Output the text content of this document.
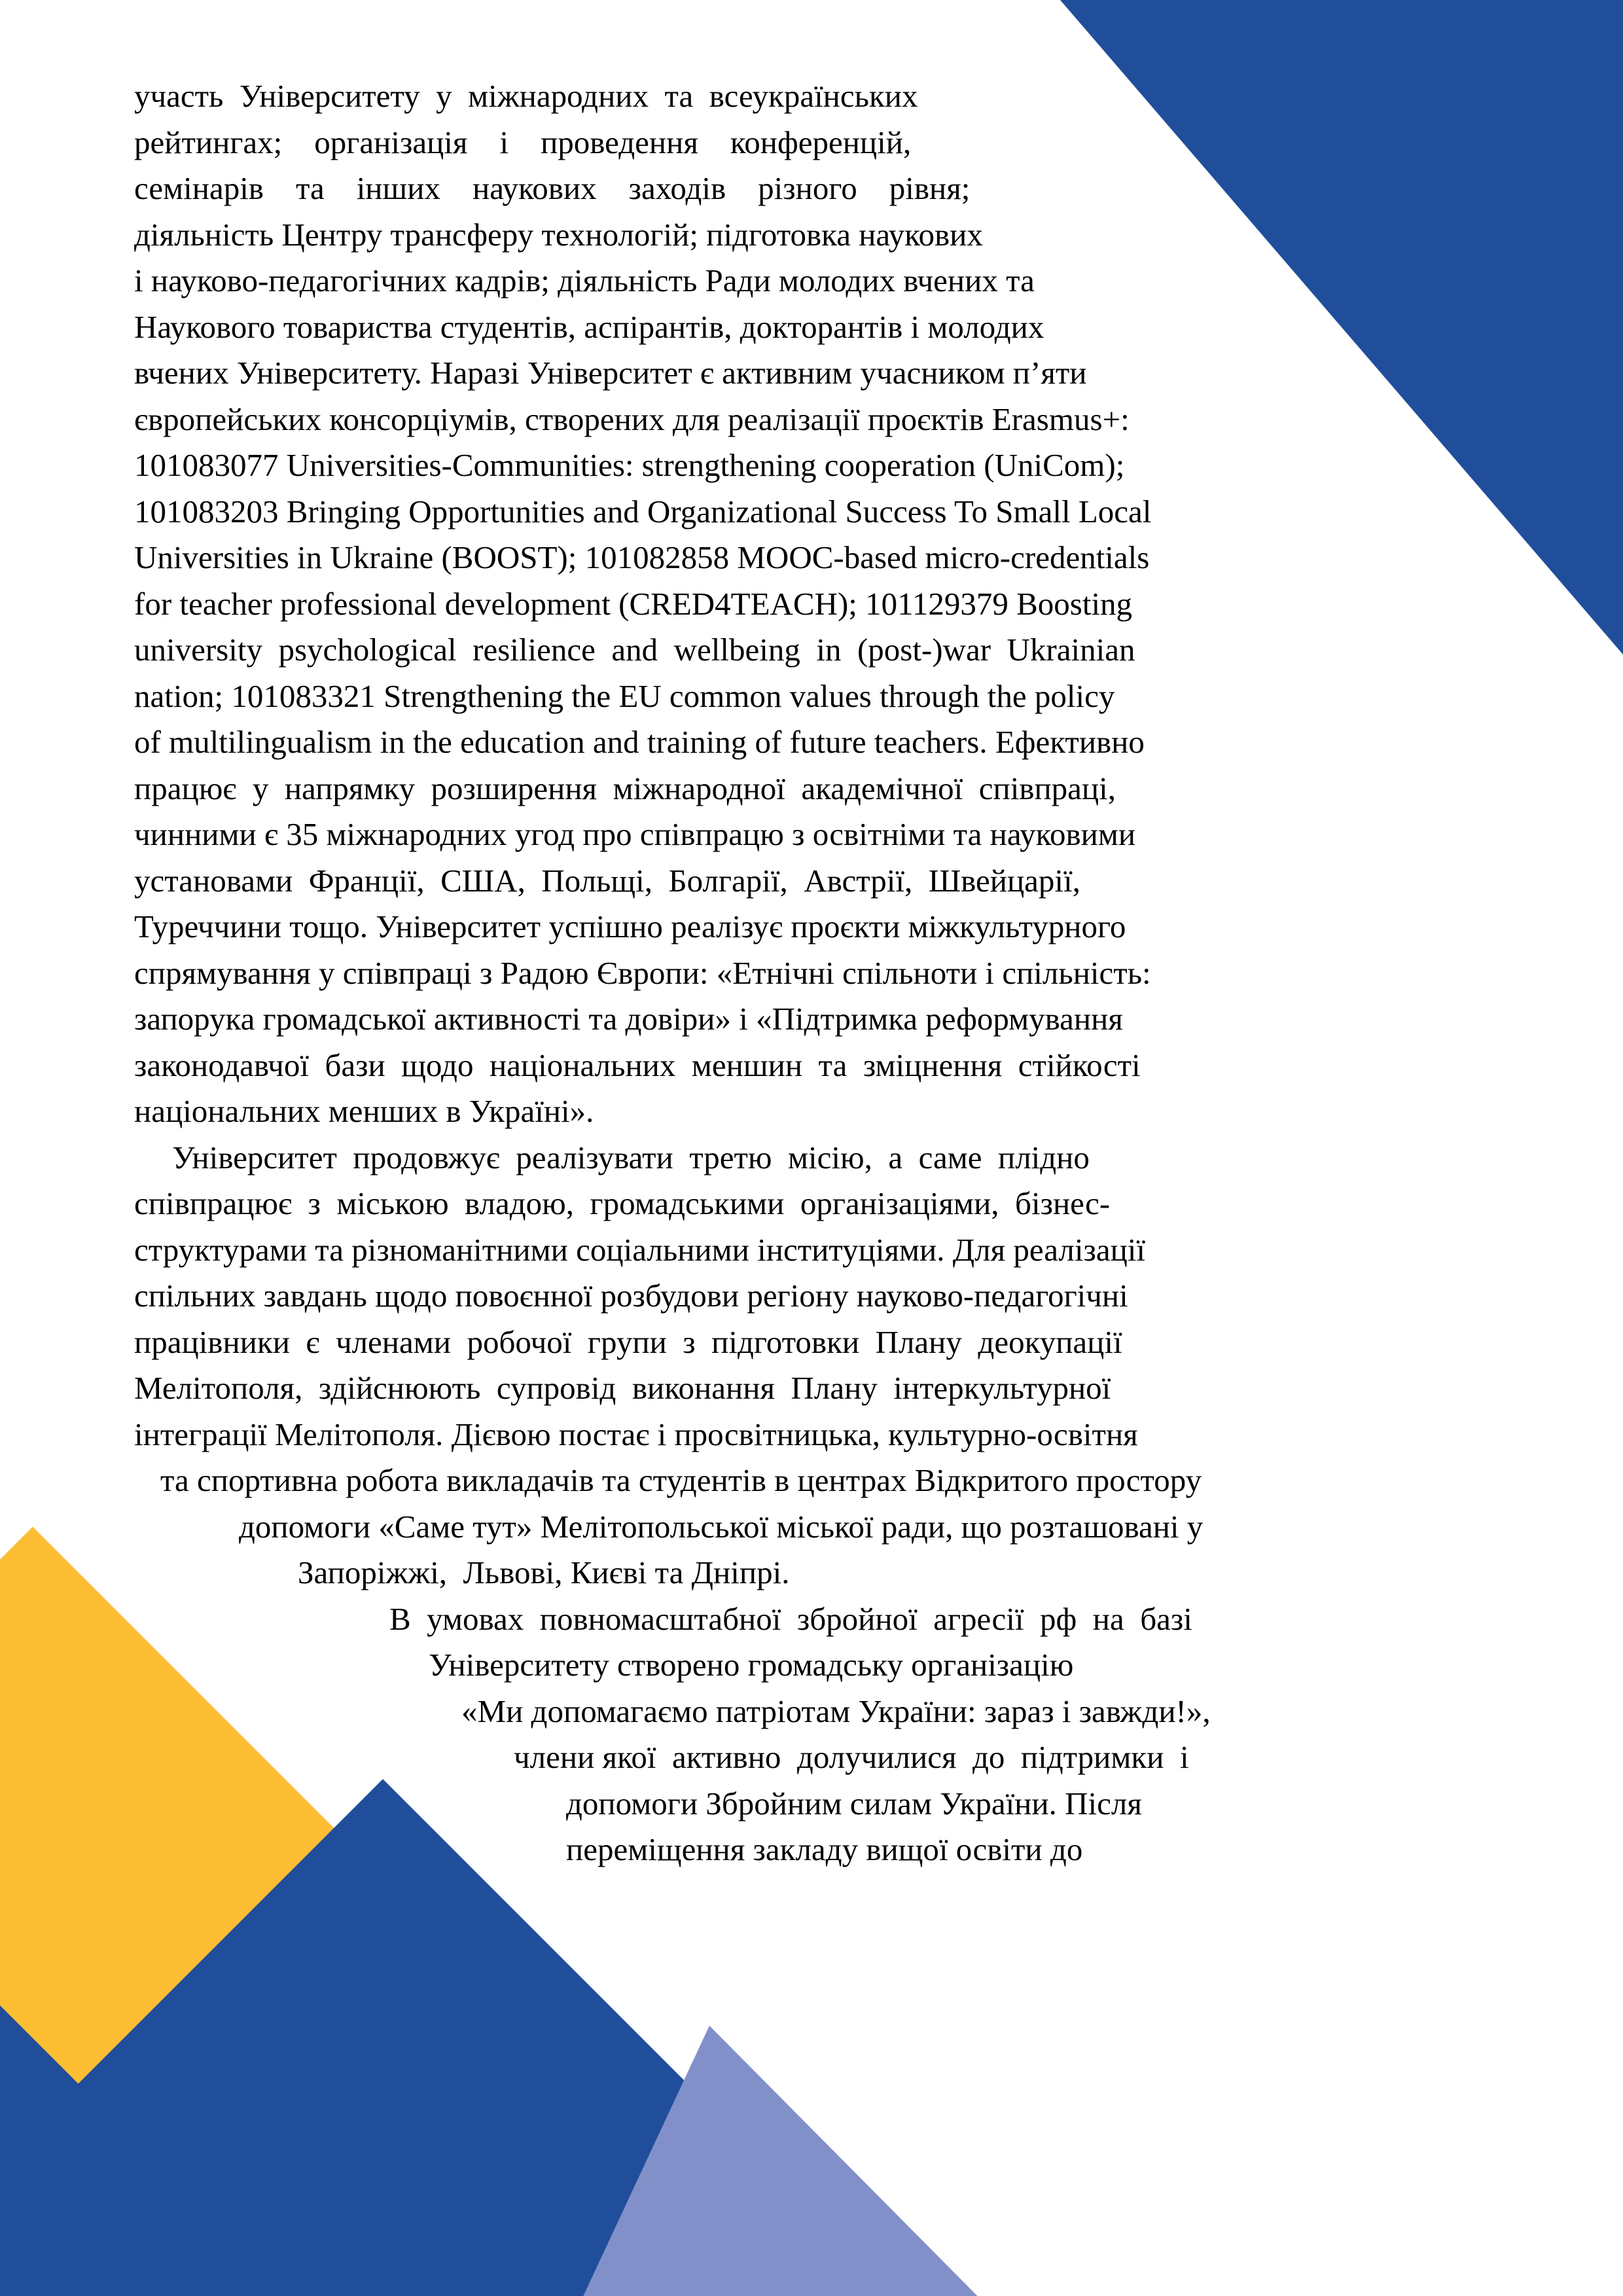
участь  Університету  у  міжнародних  та  всеукраїнських
рейтингах;    організація    і    проведення    конференцій,
семінарів    та    інших    наукових    заходів    різного    рівня;
діяльність Центру трансферу технологій; підготовка наукових
і науково-педагогічних кадрів; діяльність Ради молодих вчених та
Наукового товариства студентів, аспірантів, докторантів і молодих
вчених Університету. Наразі Університет є активним учасником п’яти
європейських консорціумів, створених для реалізації проєктів Erasmus+:
101083077 Universities-Communities: strengthening cooperation (UniCom);
101083203 Bringing Opportunities and Organizational Success To Small Local
Universities in Ukraine (BOOST); 101082858 MOOC-based micro-credentials
for teacher professional development (CRED4TEACH); 101129379 Boosting
university  psychological  resilience  and  wellbeing  in  (post-)war  Ukrainian
nation; 101083321 Strengthening the EU common values through the policy
of multilingualism in the education and training of future teachers. Ефективно
працює  у  напрямку  розширення  міжнародної  академічної  співпраці,
чинними є 35 міжнародних угод про співпрацю з освітніми та науковими
установами  Франції,  США,  Польщі,  Болгарії,  Австрії,  Швейцарії,
Туреччини тощо. Університет успішно реалізує проєкти міжкультурного
спрямування у співпраці з Радою Європи: «Етнічні спільноти і спільність:
запорука громадської активності та довіри» і «Підтримка реформування
законодавчої  бази  щодо  національних  меншин  та  зміцнення  стійкості
національних менших в Україні».
Університет  продовжує  реалізувати  третю  місію,  а  саме  плідно
співпрацює  з  міською  владою,  громадськими  організаціями,  бізнес-
структурами та різноманітними соціальними інституціями. Для реалізації
спільних завдань щодо повоєнної розбудови регіону науково-педагогічні
працівники  є  членами  робочої  групи  з  підготовки  Плану  деокупації
Мелітополя,  здійснюють  супровід  виконання  Плану  інтеркультурної
інтеграції Мелітополя. Дієвою постає і просвітницька, культурно-освітня
та спортивна робота викладачів та студентів в центрах Відкритого простору
допомоги «Саме тут» Мелітопольської міської ради, що розташовані у
Запоріжжі,  Львові, Києві та Дніпрі.
В  умовах  повномасштабної  збройної  агресії  рф  на  базі
Університету створено громадську організацію
«Ми допомагаємо патріотам України: зараз і завжди!»,
члени якої  активно  долучилися  до  підтримки  і
допомоги Збройним силам України. Після
переміщення закладу вищої освіти до
